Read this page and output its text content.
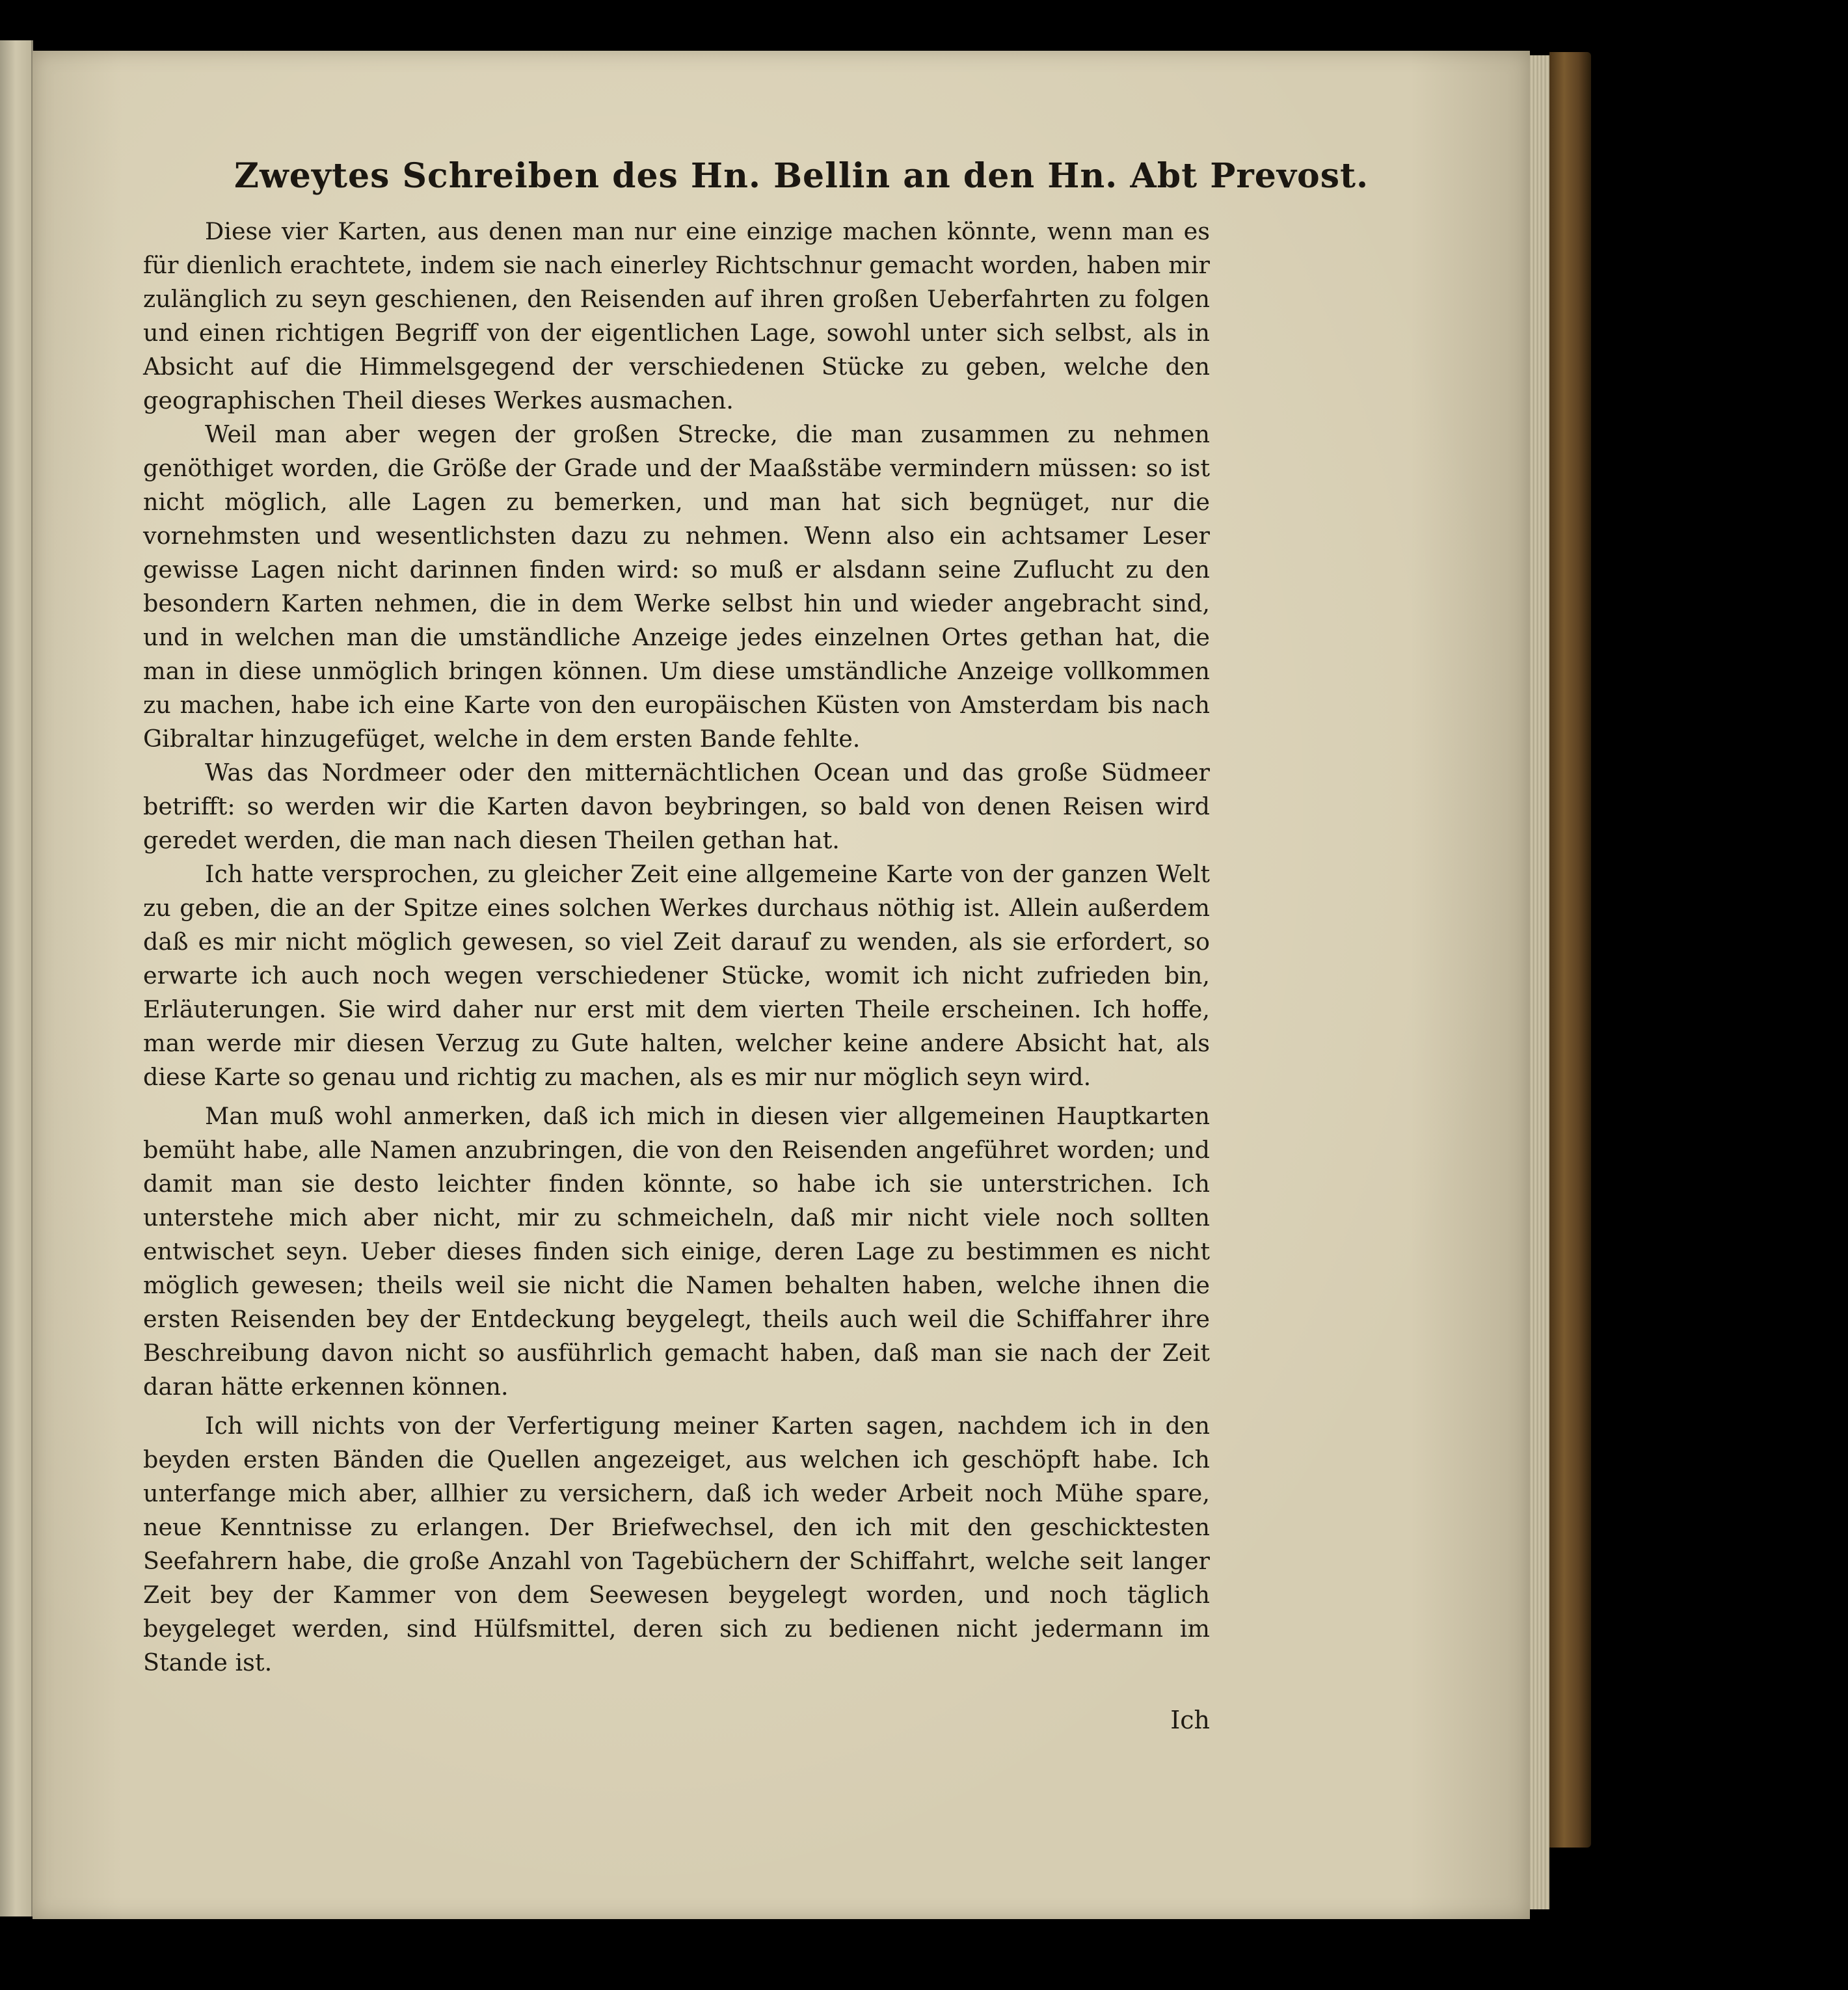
Zweytes Schreiben des Hn. Bellin an den Hn. Abt Prevost.

Diese vier Karten, aus denen man nur eine einzige machen könnte, wenn man es für dienlich erachtete, indem sie nach einerley Richtschnur gemacht worden, haben mir zulänglich zu seyn geschienen, den Reisenden auf ihren großen Ueberfahrten zu folgen und einen richtigen Begriff von der eigentlichen Lage, sowohl unter sich selbst, als in Absicht auf die Himmelsgegend der verschiedenen Stücke zu geben, welche den geographischen Theil dieses Werkes ausmachen.

Weil man aber wegen der großen Strecke, die man zusammen zu nehmen genöthiget worden, die Größe der Grade und der Maaßstäbe vermindern müssen: so ist nicht möglich, alle Lagen zu bemerken, und man hat sich begnüget, nur die vornehmsten und wesentlichsten dazu zu nehmen. Wenn also ein achtsamer Leser gewisse Lagen nicht darinnen finden wird: so muß er alsdann seine Zuflucht zu den besondern Karten nehmen, die in dem Werke selbst hin und wieder angebracht sind, und in welchen man die umständliche Anzeige jedes einzelnen Ortes gethan hat, die man in diese unmöglich bringen können. Um diese umständliche Anzeige vollkommen zu machen, habe ich eine Karte von den europäischen Küsten von Amsterdam bis nach Gibraltar hinzugefüget, welche in dem ersten Bande fehlte.

Was das Nordmeer oder den mitternächtlichen Ocean und das große Südmeer betrifft: so werden wir die Karten davon beybringen, so bald von denen Reisen wird geredet werden, die man nach diesen Theilen gethan hat.

Ich hatte versprochen, zu gleicher Zeit eine allgemeine Karte von der ganzen Welt zu geben, die an der Spitze eines solchen Werkes durchaus nöthig ist. Allein außerdem daß es mir nicht möglich gewesen, so viel Zeit darauf zu wenden, als sie erfordert, so erwarte ich auch noch wegen verschiedener Stücke, womit ich nicht zufrieden bin, Erläuterungen. Sie wird daher nur erst mit dem vierten Theile erscheinen. Ich hoffe, man werde mir diesen Verzug zu Gute halten, welcher keine andere Absicht hat, als diese Karte so genau und richtig zu machen, als es mir nur möglich seyn wird.

Man muß wohl anmerken, daß ich mich in diesen vier allgemeinen Hauptkarten bemüht habe, alle Namen anzubringen, die von den Reisenden angeführet worden; und damit man sie desto leichter finden könnte, so habe ich sie unterstrichen. Ich unterstehe mich aber nicht, mir zu schmeicheln, daß mir nicht viele noch sollten entwischet seyn. Ueber dieses finden sich einige, deren Lage zu bestimmen es nicht möglich gewesen; theils weil sie nicht die Namen behalten haben, welche ihnen die ersten Reisenden bey der Entdeckung beygelegt, theils auch weil die Schiffahrer ihre Beschreibung davon nicht so ausführlich gemacht haben, daß man sie nach der Zeit daran hätte erkennen können.

Ich will nichts von der Verfertigung meiner Karten sagen, nachdem ich in den beyden ersten Bänden die Quellen angezeiget, aus welchen ich geschöpft habe. Ich unterfange mich aber, allhier zu versichern, daß ich weder Arbeit noch Mühe spare, neue Kenntnisse zu erlangen. Der Briefwechsel, den ich mit den geschicktesten Seefahrern habe, die große Anzahl von Tagebüchern der Schiffahrt, welche seit langer Zeit bey der Kammer von dem Seewesen beygelegt worden, und noch täglich beygeleget werden, sind Hülfsmittel, deren sich zu bedienen nicht jedermann im Stande ist.

Ich
